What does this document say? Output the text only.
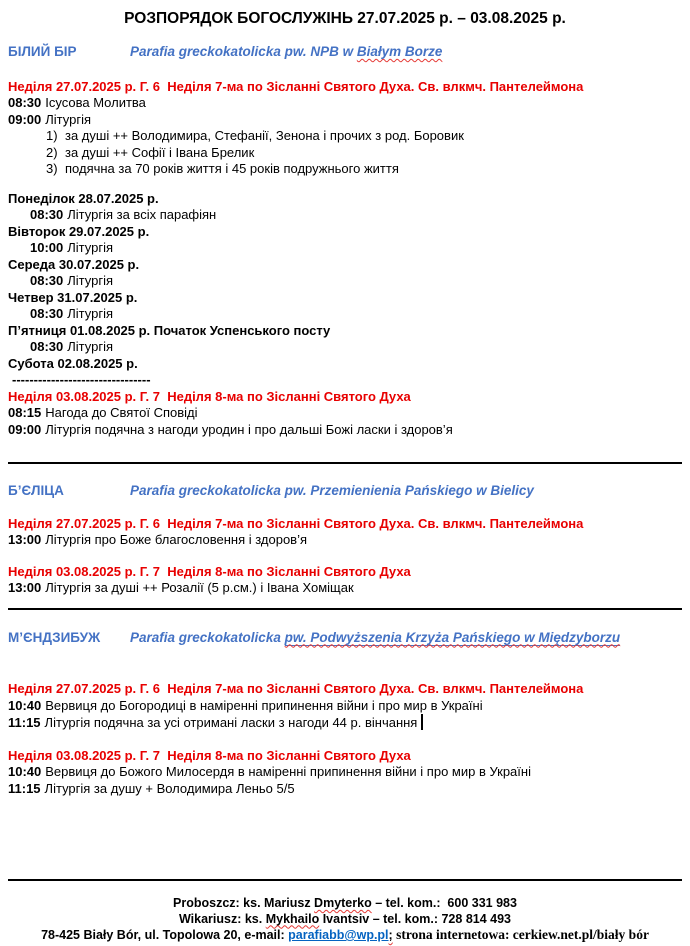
РОЗПОРЯДОК БОГОСЛУЖІНЬ 27.07.2025 р. – 03.08.2025 р.
БІЛИЙ БІР	Parafia greckokatolicka pw. NPB w Białym Borze
Неділя 27.07.2025 р. Г. 6  Неділя 7-ма по Зісланні Святого Духа. Св. влкмч. Пантелеймона
08:30 Ісусова Молитва
09:00 Літургія
1) за душі ++ Володимира, Стефанії, Зенона і прочих з род. Боровик
2) за душі ++ Софії і Івана Брелик
3) подячна за 70 років життя і 45 років подружнього життя
Понеділок 28.07.2025 р.
08:30 Літургія за всіх парафіян
Вівторок 29.07.2025 р.
10:00 Літургія
Середа 30.07.2025 р.
08:30 Літургія
Четвер 31.07.2025 р.
08:30 Літургія
П’ятниця 01.08.2025 р. Початок Успенського посту
08:30 Літургія
Субота 02.08.2025 р.
--------------------------------
Неділя 03.08.2025 р. Г. 7  Неділя 8-ма по Зісланні Святого Духа
08:15 Нагода до Святої Сповіді
09:00 Літургія подячна з нагоди уродин і про дальші Божі ласки і здоров’я
Б’ЄЛІЦА	Parafia greckokatolicka pw. Przemienienia Pańskiego w Bielicy
Неділя 27.07.2025 р. Г. 6  Неділя 7-ма по Зісланні Святого Духа. Св. влкмч. Пантелеймона
13:00 Літургія про Боже благословення і здоров’я
Неділя 03.08.2025 р. Г. 7  Неділя 8-ма по Зісланні Святого Духа
13:00 Літургія за душі ++ Розалії (5 р.см.) і Івана Хоміщак
М’ЄНДЗИБУЖ Parafia greckokatolicka pw. Podwyższenia Krzyża Pańskiego w Międzyborzu
Неділя 27.07.2025 р. Г. 6  Неділя 7-ма по Зісланні Святого Духа. Св. влкмч. Пантелеймона
10:40 Вервиця до Богородиці в наміренні припинення війни і про мир в Україні
11:15 Літургія подячна за усі отримані ласки з нагоди 44 р. вінчання
Неділя 03.08.2025 р. Г. 7  Неділя 8-ма по Зісланні Святого Духа
10:40 Вервиця до Божого Милосердя в наміренні припинення війни і про мир в Україні
11:15 Літургія за душу + Володимира Леньо 5/5
Proboszcz: ks. Mariusz Dmyterko – tel. kom.:  600 331 983
Wikariusz: ks. Mykhailo Ivantsiv – tel. kom.: 728 814 493
78-425 Biały Bór, ul. Topolowa 20, e-mail: parafiabb@wp.pl; strona internetowa: cerkiew.net.pl/biały bór
